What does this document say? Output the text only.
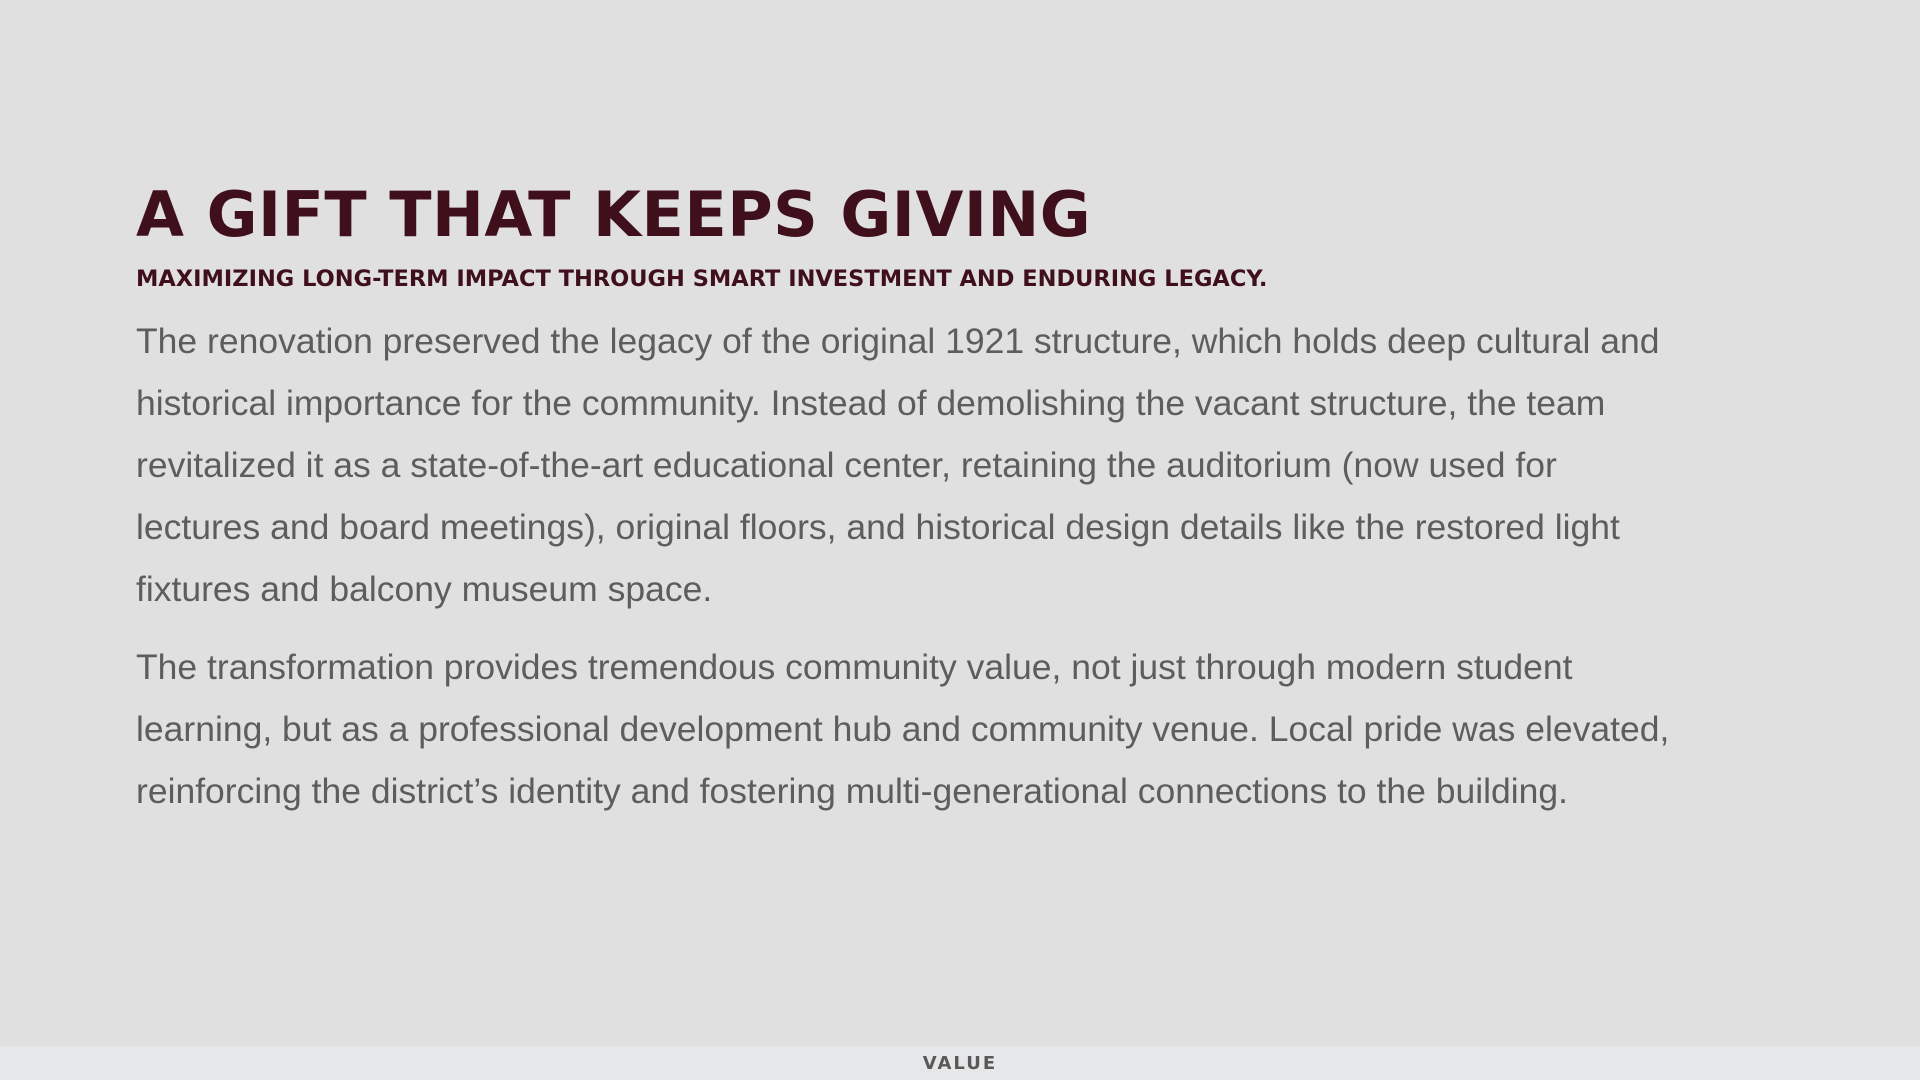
A GIFT THAT KEEPS GIVING
MAXIMIZING LONG-TERM IMPACT THROUGH SMART INVESTMENT AND ENDURING LEGACY.

The renovation preserved the legacy of the original 1921 structure, which holds deep cultural and
historical importance for the community. Instead of demolishing the vacant structure, the team
revitalized it as a state-of-the-art educational center, retaining the auditorium (now used for
lectures and board meetings), original floors, and historical design details like the restored light
fixtures and balcony museum space.

The transformation provides tremendous community value, not just through modern student
learning, but as a professional development hub and community venue. Local pride was elevated,
reinforcing the district’s identity and fostering multi-generational connections to the building.

VALUE
